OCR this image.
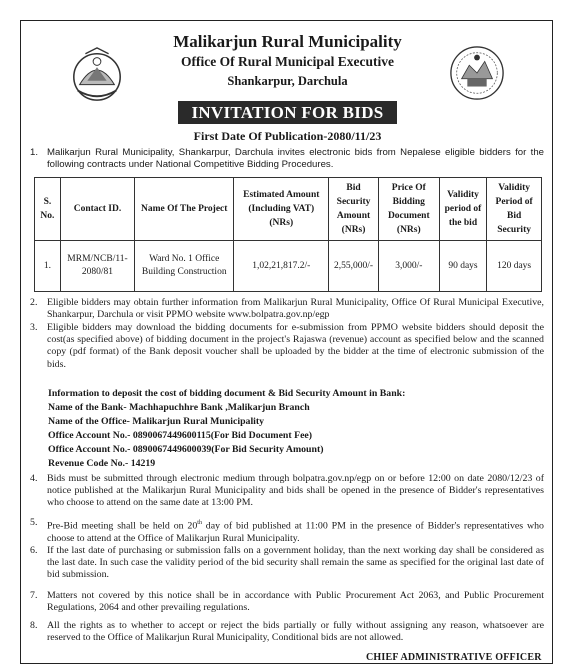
Malikarjun Rural Municipality
Office Of Rural Municipal Executive
Shankarpur, Darchula
INVITATION FOR BIDS
First Date Of Publication-2080/11/23
1. Malikarjun Rural Municipality, Shankarpur, Darchula invites electronic bids from Nepalese eligible bidders for the following contracts under National Competitive Bidding Procedures.
S. No.	Contact ID.	Name Of The Project	Estimated Amount (Including VAT) (NRs)	Bid Security Amount (NRs)	Price Of Bidding Document (NRs)	Validity period of the bid	Validity Period of Bid Security
1.	MRM/NCB/11-2080/81	Ward No. 1 Office Building Construction	1,02,21,817.2/-	2,55,000/-	3,000/-	90 days	120 days
2. Eligible bidders may obtain further information from Malikarjun Rural Municipality, Office Of Rural Municipal Executive, Shankarpur, Darchula or visit PPMO website www.bolpatra.gov.np/egp
3. Eligible bidders may download the bidding documents for e-submission from PPMO website bidders should deposit the cost(as specified above) of bidding document in the project's Rajaswa (revenue) account as specified below and the scanned copy (pdf format) of the Bank deposit voucher shall be uploaded by the bidder at the time of electronic submission of the bids.
Information to deposit the cost of bidding document & Bid Security Amount in Bank:
Name of the Bank- Machhapuchhre Bank ,Malikarjun Branch
Name of the Office- Malikarjun Rural Municipality
Office Account No.- 0890067449600115(For Bid Document Fee)
Office Account No.- 0890067449600039(For Bid Security Amount)
Revenue Code No.- 14219
4. Bids must be submitted through electronic medium through bolpatra.gov.np/egp on or before 12:00 on date 2080/12/23 of notice published at the Malikarjun Rural Municipality and bids shall be opened in the presence of Bidder's representatives who choose to attend on the same date at 13:00 PM.
5. Pre-Bid meeting shall be held on 20th day of bid published at 11:00 PM in the presence of Bidder's representatives who choose to attend at the Office of Malikarjun Rural Municipality.
6. If the last date of purchasing or submission falls on a government holiday, than the next working day shall be considered as the last date. In such case the validity period of the bid security shall remain the same as specified for the original last date of bid submission.
7. Matters not covered by this notice shall be in accordance with Public Procurement Act 2063, and Public Procurement Regulations, 2064 and other prevailing regulations.
8. All the rights as to whether to accept or reject the bids partially or fully without assigning any reason, whatsoever are reserved to the Office of Malikarjun Rural Municipality, Conditional bids are not allowed.
CHIEF ADMINISTRATIVE OFFICER
